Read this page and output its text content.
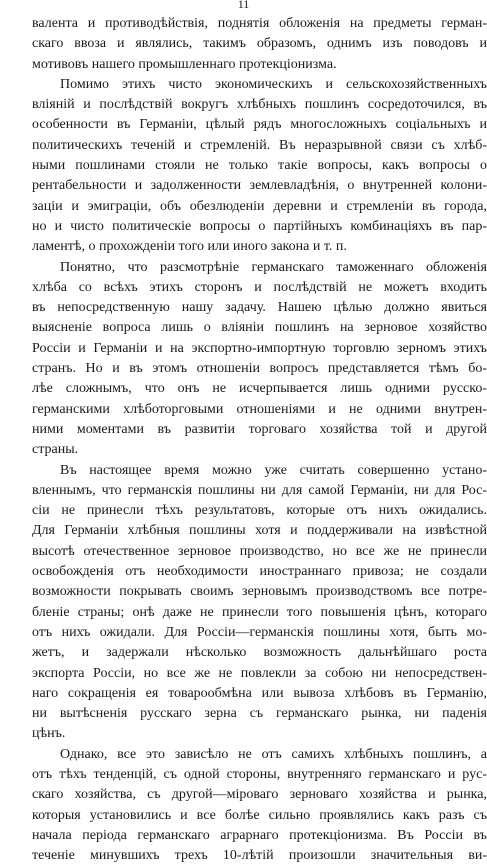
11
валента и противодѣйствія, поднятія обложенія на предметы герман-
скаго ввоза и являлись, такимъ образомъ, однимъ изъ поводовъ и
мотивовъ нашего промышленнаго протекціонизма.
Помимо этихъ чисто экономическихъ и сельскохозяйственныхъ
вліяній и послѣдствій вокругъ хлѣбныхъ пошлинъ сосредоточился, въ
особенности въ Германіи, цѣлый рядъ многосложныхъ соціальныхъ и
политическихъ теченій и стремленій. Въ неразрывной связи съ хлѣб-
ными пошлинами стояли не только такіе вопросы, какъ вопросы о
рентабельности и задолженности землевладѣнія, о внутренней колони-
заціи и эмиграціи, объ обезлюденіи деревни и стремленіи въ города,
но и чисто политическіе вопросы о партійныхъ комбинаціяхъ въ пар-
ламентѣ, о прохожденіи того или иного закона и т. п.
Понятно, что разсмотрѣніе германскаго таможеннаго обложенія
хлѣба со всѣхъ этихъ сторонъ и послѣдствій не можетъ входить
въ непосредственную нашу задачу. Нашею цѣлью должно явиться
выясненіе вопроса лишь о вліяніи пошлинъ на зерновое хозяйство
Россіи и Германіи и на экспортно-импортную торговлю зерномъ этихъ
странъ. Но и въ этомъ отношеніи вопросъ представляется тѣмъ бо-
лѣе сложнымъ, что онъ не исчерпывается лишь одними русско-
германскими хлѣботорговыми отношеніями и не одними внутрен-
ними моментами въ развитіи торговаго хозяйства той и другой
страны.
Въ настоящее время можно уже считать совершенно устано-
вленнымъ, что германскія пошлины ни для самой Германіи, ни для Рос-
сіи не принесли тѣхъ результатовъ, которые отъ нихъ ожидались.
Для Германіи хлѣбныя пошлины хотя и поддерживали на извѣстной
высотѣ отечественное зерновое производство, но все же не принесли
освобожденія отъ необходимости иностраннаго привоза; не создали
возможности покрывать своимъ зерновымъ производствомъ все потре-
бленіе страны; онѣ даже не принесли того повышенія цѣнъ, котораго
отъ нихъ ожидали. Для Россіи—германскія пошлины хотя, быть мо-
жетъ, и задержали нѣсколько возможность дальнѣйшаго роста
экспорта Россіи, но все же не повлекли за собою ни непосредствен-
наго сокращенія ея товарообмѣна или вывоза хлѣбовъ въ Германію,
ни вытѣсненія русскаго зерна съ германскаго рынка, ни паденія
цѣнъ.
Однако, все это зависѣло не отъ самихъ хлѣбныхъ пошлинъ, а
отъ тѣхъ тенденцій, съ одной стороны, внутренняго германскаго и рус-
скаго хозяйства, съ другой—міроваго зерноваго хозяйства и рынка,
которыя установились и все болѣе сильно проявлялись какъ разъ съ
начала періода германскаго аграрнаго протекціонизма. Въ Россіи въ
теченіе минувшихъ трехъ 10-лѣтій произошли значительныя ви-
